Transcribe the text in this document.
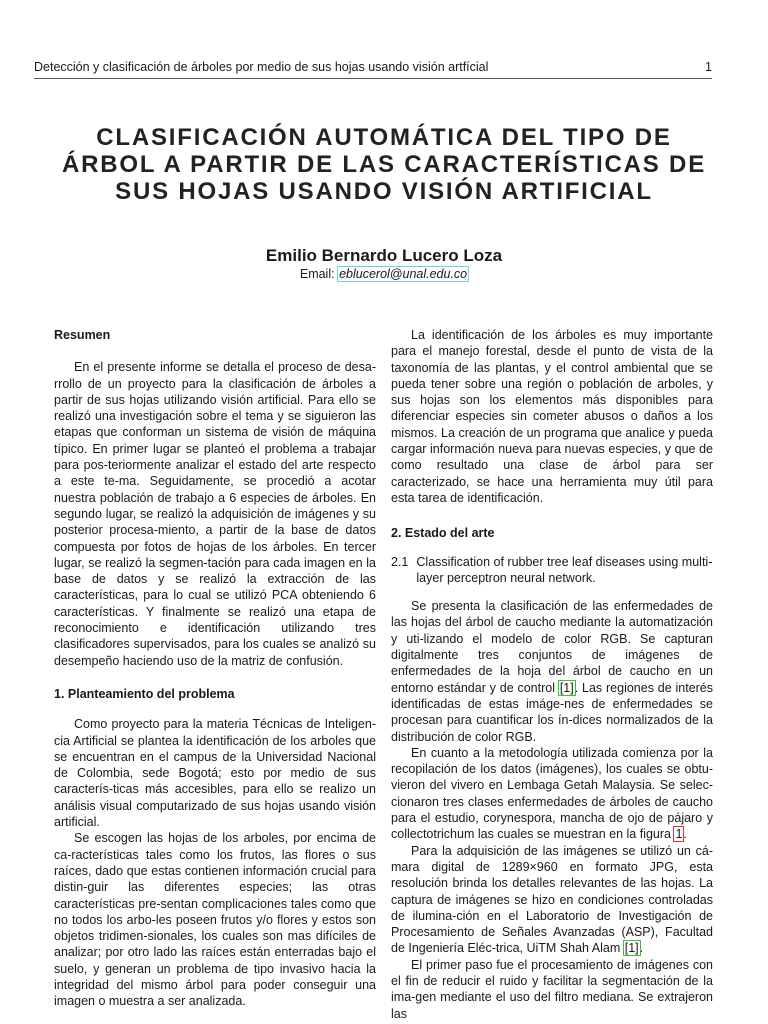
Detección y clasificación de árboles por medio de sus hojas usando visión artfícial	1
CLASIFICACIÓN AUTOMÁTICA DEL TIPO DE
ÁRBOL A PARTIR DE LAS CARACTERÍSTICAS DE
SUS HOJAS USANDO VISIÓN ARTIFICIAL
Emilio Bernardo Lucero Loza
Email: eblucerol@unal.edu.co
Resumen

En el presente informe se detalla el proceso de desa-rrollo de un proyecto para la clasificación de árboles a partir de sus hojas utilizando visión artificial. Para ello se realizó una investigación sobre el tema y se siguieron las etapas que conforman un sistema de visión de máquina típico. En primer lugar se planteó el problema a trabajar para pos-teriormente analizar el estado del arte respecto a este te-ma. Seguidamente, se procedió a acotar nuestra población de trabajo a 6 especies de árboles. En segundo lugar, se realizó la adquisición de imágenes y su posterior procesa-miento, a partir de la base de datos compuesta por fotos de hojas de los árboles. En tercer lugar, se realizó la segmen-tación para cada imagen en la base de datos y se realizó la extracción de las características, para lo cual se utilizó PCA obteniendo 6 características. Y finalmente se realizó una etapa de reconocimiento e identificación utilizando tres clasificadores supervisados, para los cuales se analizó su desempeño haciendo uso de la matriz de confusión.

1. Planteamiento del problema

Como proyecto para la materia Técnicas de Inteligen-cia Artificial se plantea la identificación de los arboles que se encuentran en el campus de la Universidad Nacional de Colombia, sede Bogotá; esto por medio de sus caracterís-ticas más accesibles, para ello se realizo un análisis visual computarizado de sus hojas usando visión artificial.

Se escogen las hojas de los arboles, por encima de ca-racterísticas tales como los frutos, las flores o sus raíces, dado que estas contienen información crucial para distin-guir las diferentes especies; las otras características pre-sentan complicaciones tales como que no todos los arbo-les poseen frutos y/o flores y estos son objetos tridimen-sionales, los cuales son mas difíciles de analizar; por otro lado las raíces están enterradas bajo el suelo, y generan un problema de tipo invasivo hacia la integridad del mismo árbol para poder conseguir una imagen o muestra a ser analizada.

La identificación de los árboles es muy importante para el manejo forestal, desde el punto de vista de la taxonomía de las plantas, y el control ambiental que se pueda tener sobre una región o población de arboles, y sus hojas son los elementos más disponibles para diferenciar especies sin cometer abusos o daños a los mismos. La creación de un programa que analice y pueda cargar información nueva para nuevas especies, y que de como resultado una clase de árbol para ser caracterizado, se hace una herramienta muy útil para esta tarea de identificación.

2. Estado del arte
2.1 Classification of rubber tree leaf diseases using multi-layer perceptron neural network.

Se presenta la clasificación de las enfermedades de las hojas del árbol de caucho mediante la automatización y uti-lizando el modelo de color RGB. Se capturan digitalmente tres conjuntos de imágenes de enfermedades de la hoja del árbol de caucho en un entorno estándar y de control [1]. Las regiones de interés identificadas de estas imáge-nes de enfermedades se procesan para cuantificar los ín-dices normalizados de la distribución de color RGB.

En cuanto a la metodología utilizada comienza por la recopilación de los datos (imágenes), los cuales se obtu-vieron del vivero en Lembaga Getah Malaysia. Se selec-cionaron tres clases enfermedades de árboles de caucho para el estudio, corynespora, mancha de ojo de pájaro y collectotrichum las cuales se muestran en la figura 1.

Para la adquisición de las imágenes se utilizó un cá-mara digital de 1289×960 en formato JPG, esta resolución brinda los detalles relevantes de las hojas. La captura de imágenes se hizo en condiciones controladas de ilumina-ción en el Laboratorio de Investigación de Procesamiento de Señales Avanzadas (ASP), Facultad de Ingeniería Eléc-trica, UiTM Shah Alam [1].

El primer paso fue el procesamiento de imágenes con el fin de reducir el ruido y facilitar la segmentación de la ima-gen mediante el uso del filtro mediana. Se extrajeron las
